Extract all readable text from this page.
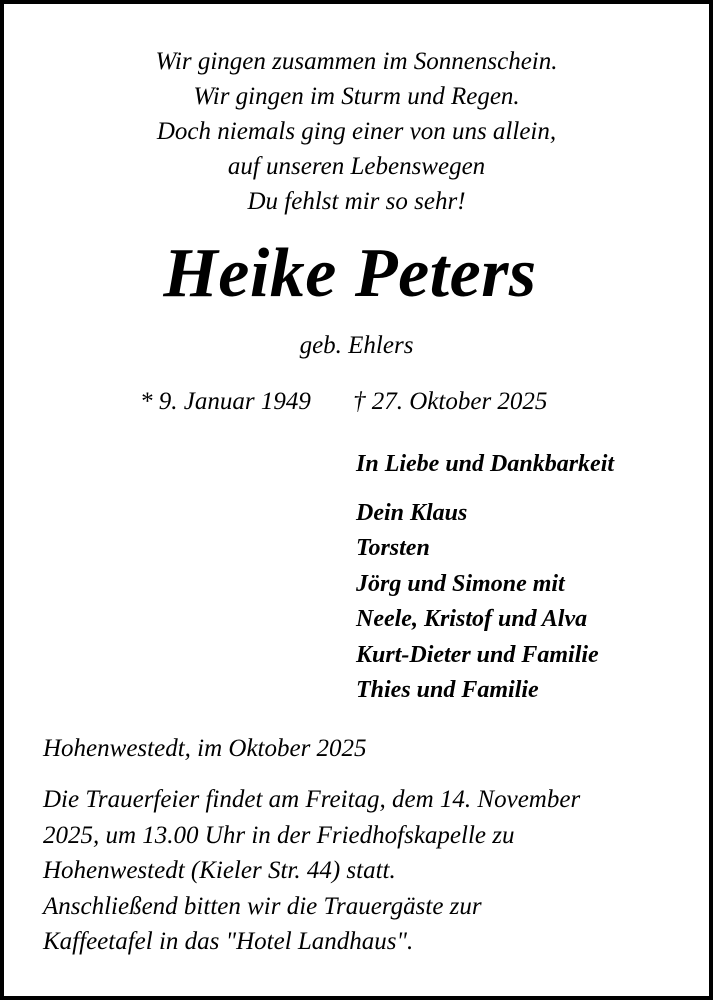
Wir gingen zusammen im Sonnenschein.
Wir gingen im Sturm und Regen.
Doch niemals ging einer von uns allein,
auf unseren Lebenswegen
Du fehlst mir so sehr!
Heike Peters
geb. Ehlers
* 9. Januar 1949 † 27. Oktober 2025
In Liebe und Dankbarkeit
Dein Klaus
Torsten
Jörg und Simone mit
Neele, Kristof und Alva
Kurt-Dieter und Familie
Thies und Familie
Hohenwestedt, im Oktober 2025
Die Trauerfeier findet am Freitag, dem 14. November
2025, um 13.00 Uhr in der Friedhofskapelle zu
Hohenwestedt (Kieler Str. 44) statt.
Anschließend bitten wir die Trauergäste zur
Kaffeetafel in das "Hotel Landhaus".
